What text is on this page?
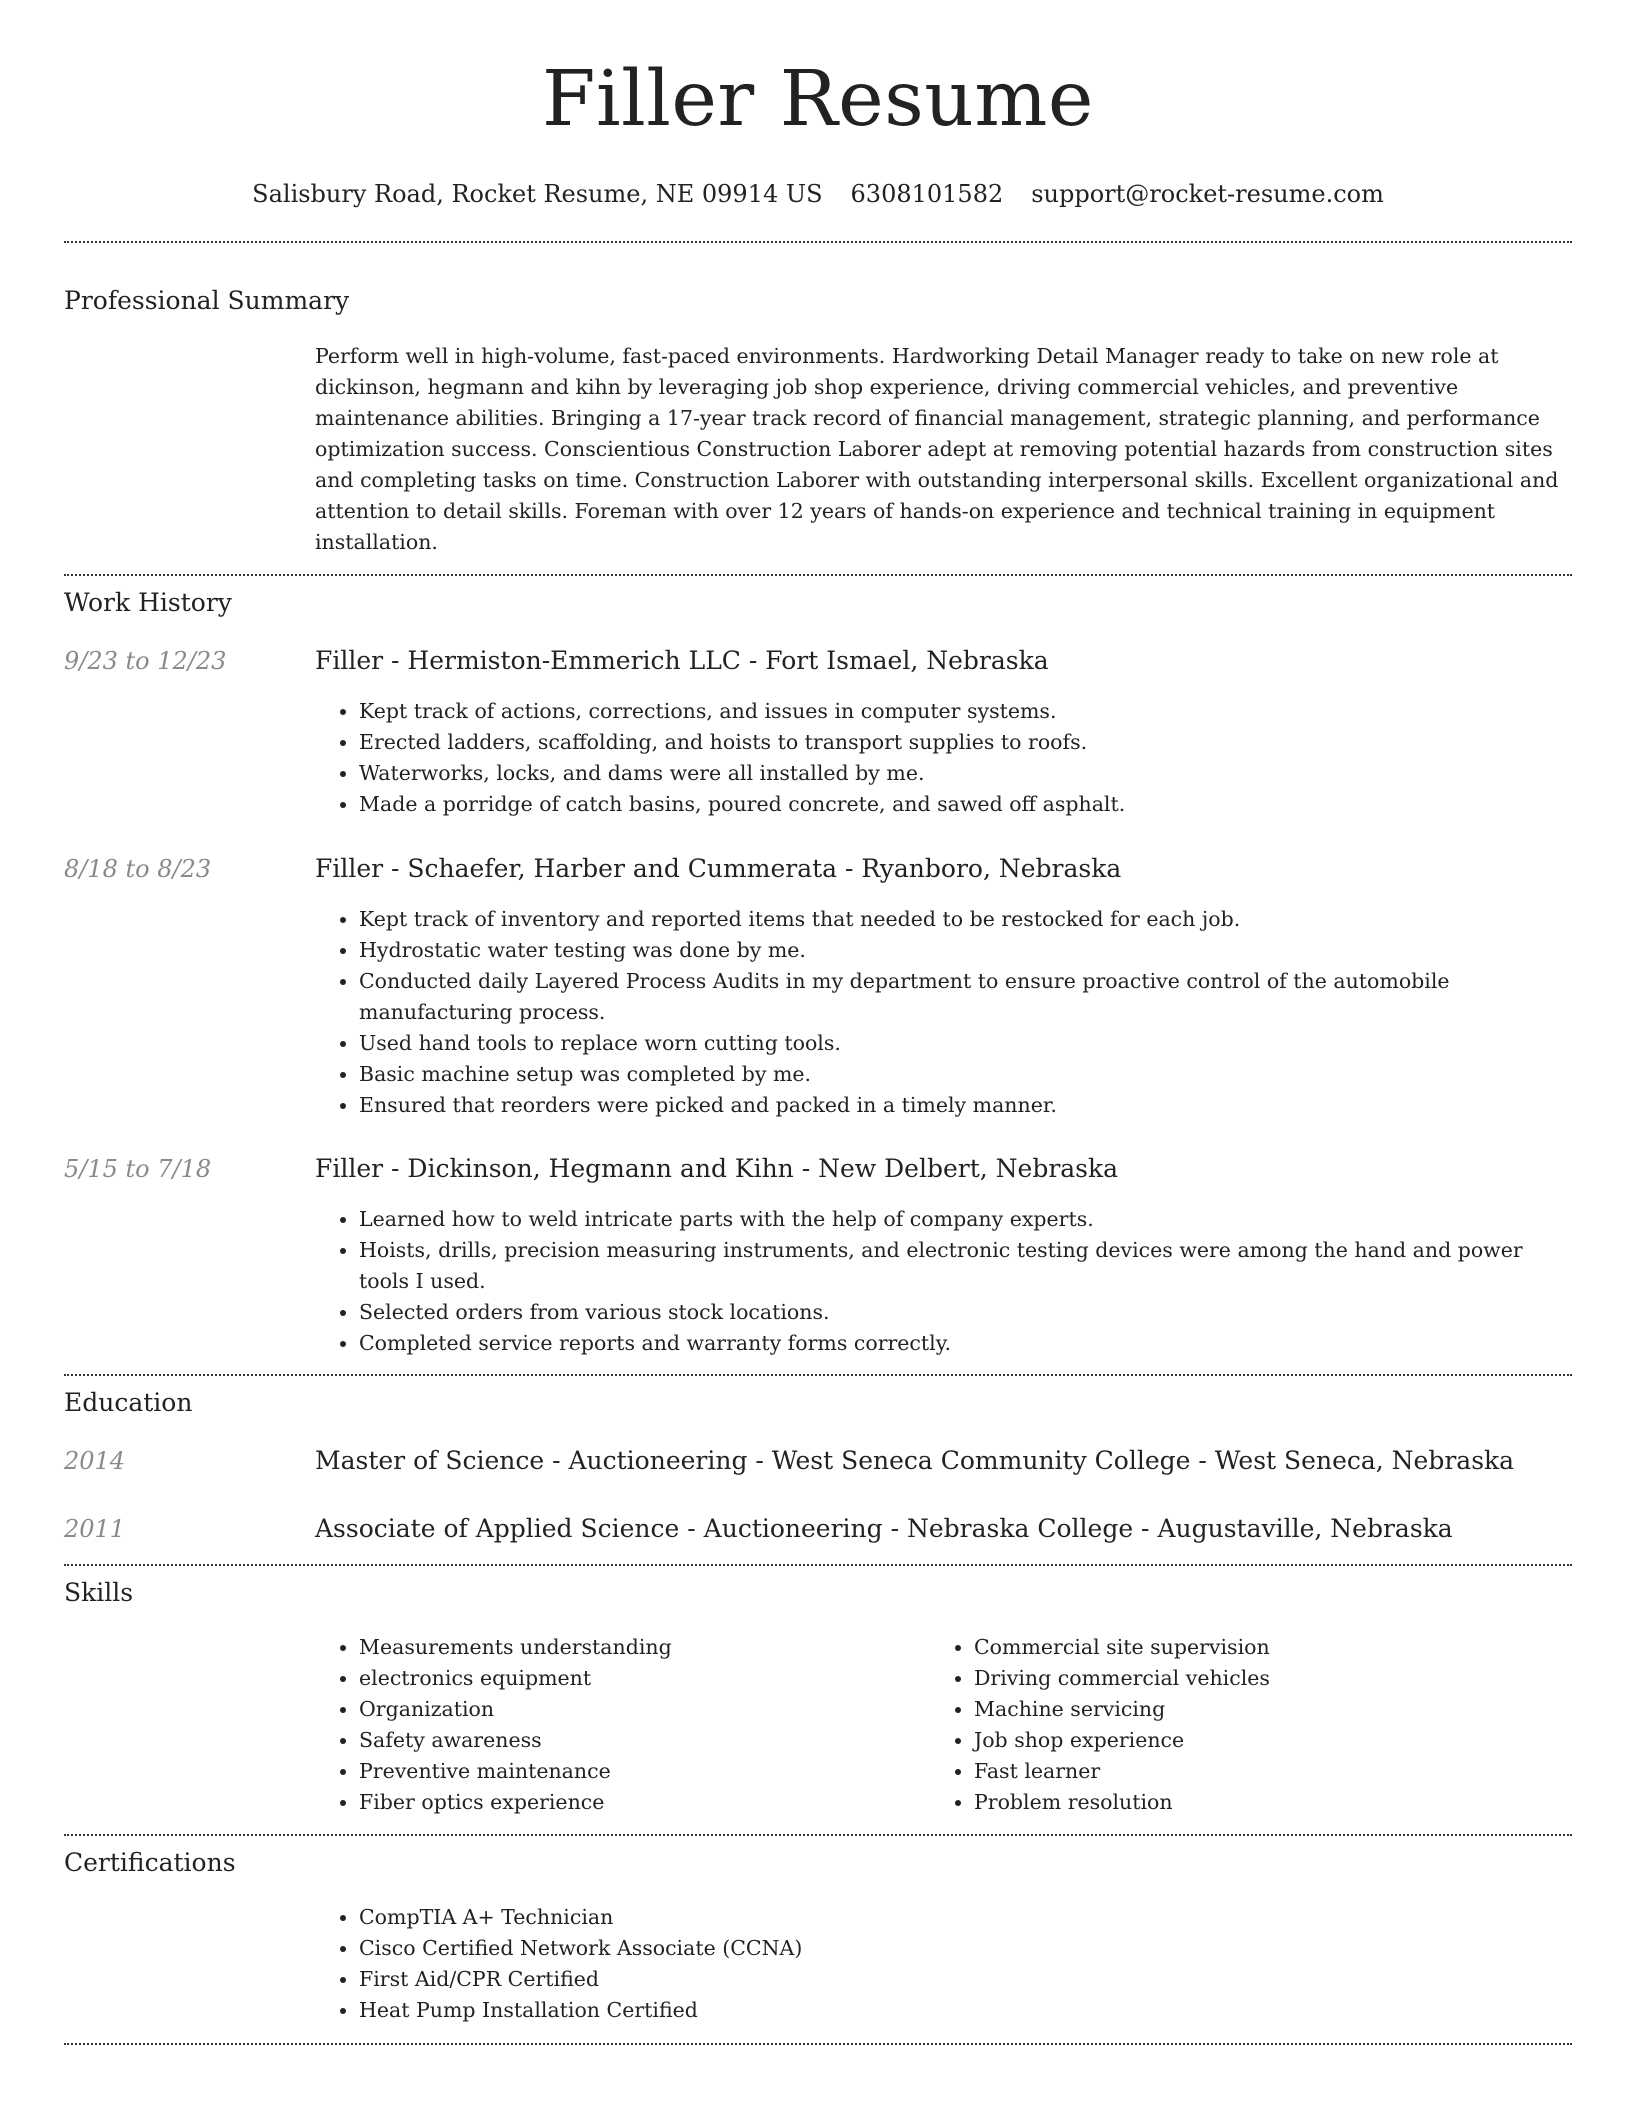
Filler Resume
Salisbury Road, Rocket Resume, NE 09914 US 6308101582 support@rocket-resume.com
Professional Summary
Perform well in high-volume, fast-paced environments. Hardworking Detail Manager ready to take on new role at dickinson, hegmann and kihn by leveraging job shop experience, driving commercial vehicles, and preventive maintenance abilities. Bringing a 17-year track record of financial management, strategic planning, and performance optimization success. Conscientious Construction Laborer adept at removing potential hazards from construction sites and completing tasks on time. Construction Laborer with outstanding interpersonal skills. Excellent organizational and attention to detail skills. Foreman with over 12 years of hands-on experience and technical training in equipment installation.
Work History
9/23 to 12/23	Filler - Hermiston-Emmerich LLC - Fort Ismael, Nebraska
• Kept track of actions, corrections, and issues in computer systems.
• Erected ladders, scaffolding, and hoists to transport supplies to roofs.
• Waterworks, locks, and dams were all installed by me.
• Made a porridge of catch basins, poured concrete, and sawed off asphalt.
8/18 to 8/23	Filler - Schaefer, Harber and Cummerata - Ryanboro, Nebraska
• Kept track of inventory and reported items that needed to be restocked for each job.
• Hydrostatic water testing was done by me.
• Conducted daily Layered Process Audits in my department to ensure proactive control of the automobile manufacturing process.
• Used hand tools to replace worn cutting tools.
• Basic machine setup was completed by me.
• Ensured that reorders were picked and packed in a timely manner.
5/15 to 7/18	Filler - Dickinson, Hegmann and Kihn - New Delbert, Nebraska
• Learned how to weld intricate parts with the help of company experts.
• Hoists, drills, precision measuring instruments, and electronic testing devices were among the hand and power tools I used.
• Selected orders from various stock locations.
• Completed service reports and warranty forms correctly.
Education
2014	Master of Science - Auctioneering - West Seneca Community College - West Seneca, Nebraska
2011	Associate of Applied Science - Auctioneering - Nebraska College - Augustaville, Nebraska
Skills
• Measurements understanding
• electronics equipment
• Organization
• Safety awareness
• Preventive maintenance
• Fiber optics experience
• Commercial site supervision
• Driving commercial vehicles
• Machine servicing
• Job shop experience
• Fast learner
• Problem resolution
Certifications
• CompTIA A+ Technician
• Cisco Certified Network Associate (CCNA)
• First Aid/CPR Certified
• Heat Pump Installation Certified
